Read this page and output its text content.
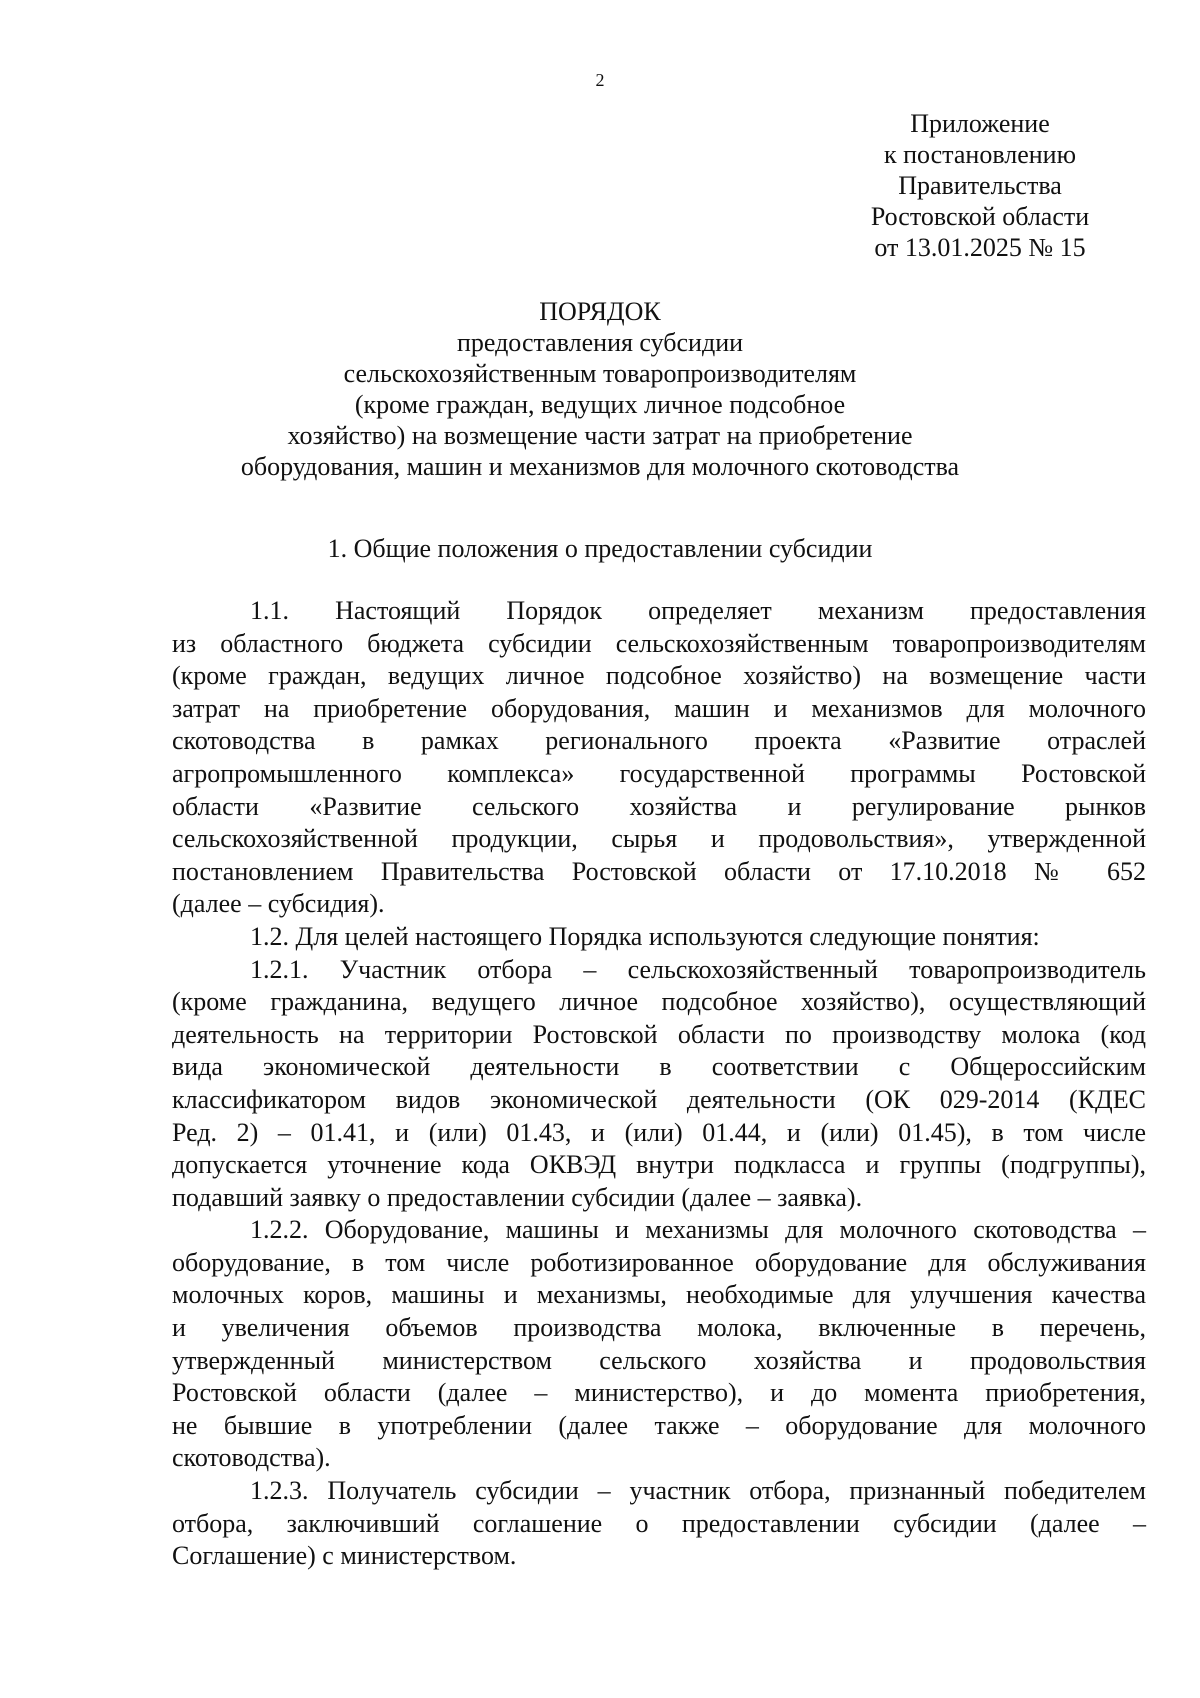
2
Приложение
к постановлению
Правительства
Ростовской области
от 13.01.2025 № 15
ПОРЯДОК
предоставления субсидии
сельскохозяйственным товаропроизводителям
(кроме граждан, ведущих личное подсобное
хозяйство) на возмещение части затрат на приобретение
оборудования, машин и механизмов для молочного скотоводства
1. Общие положения о предоставлении субсидии
1.1. Настоящий Порядок определяет механизм предоставления
из областного бюджета субсидии сельскохозяйственным товаропроизводителям
(кроме граждан, ведущих личное подсобное хозяйство) на возмещение части
затрат на приобретение оборудования, машин и механизмов для молочного
скотоводства в рамках регионального проекта «Развитие отраслей
агропромышленного комплекса» государственной программы Ростовской
области «Развитие сельского хозяйства и регулирование рынков
сельскохозяйственной продукции, сырья и продовольствия», утвержденной
постановлением Правительства Ростовской области от 17.10.2018 № 652
(далее – субсидия).
1.2. Для целей настоящего Порядка используются следующие понятия:
1.2.1. Участник отбора – сельскохозяйственный товаропроизводитель
(кроме гражданина, ведущего личное подсобное хозяйство), осуществляющий
деятельность на территории Ростовской области по производству молока (код
вида экономической деятельности в соответствии с Общероссийским
классификатором видов экономической деятельности (ОК 029-2014 (КДЕС
Ред. 2) – 01.41, и (или) 01.43, и (или) 01.44, и (или) 01.45), в том числе
допускается уточнение кода ОКВЭД внутри подкласса и группы (подгруппы),
подавший заявку о предоставлении субсидии (далее – заявка).
1.2.2. Оборудование, машины и механизмы для молочного скотоводства –
оборудование, в том числе роботизированное оборудование для обслуживания
молочных коров, машины и механизмы, необходимые для улучшения качества
и увеличения объемов производства молока, включенные в перечень,
утвержденный министерством сельского хозяйства и продовольствия
Ростовской области (далее – министерство), и до момента приобретения,
не бывшие в употреблении (далее также – оборудование для молочного
скотоводства).
1.2.3. Получатель субсидии – участник отбора, признанный победителем
отбора, заключивший соглашение о предоставлении субсидии (далее –
Соглашение) с министерством.
